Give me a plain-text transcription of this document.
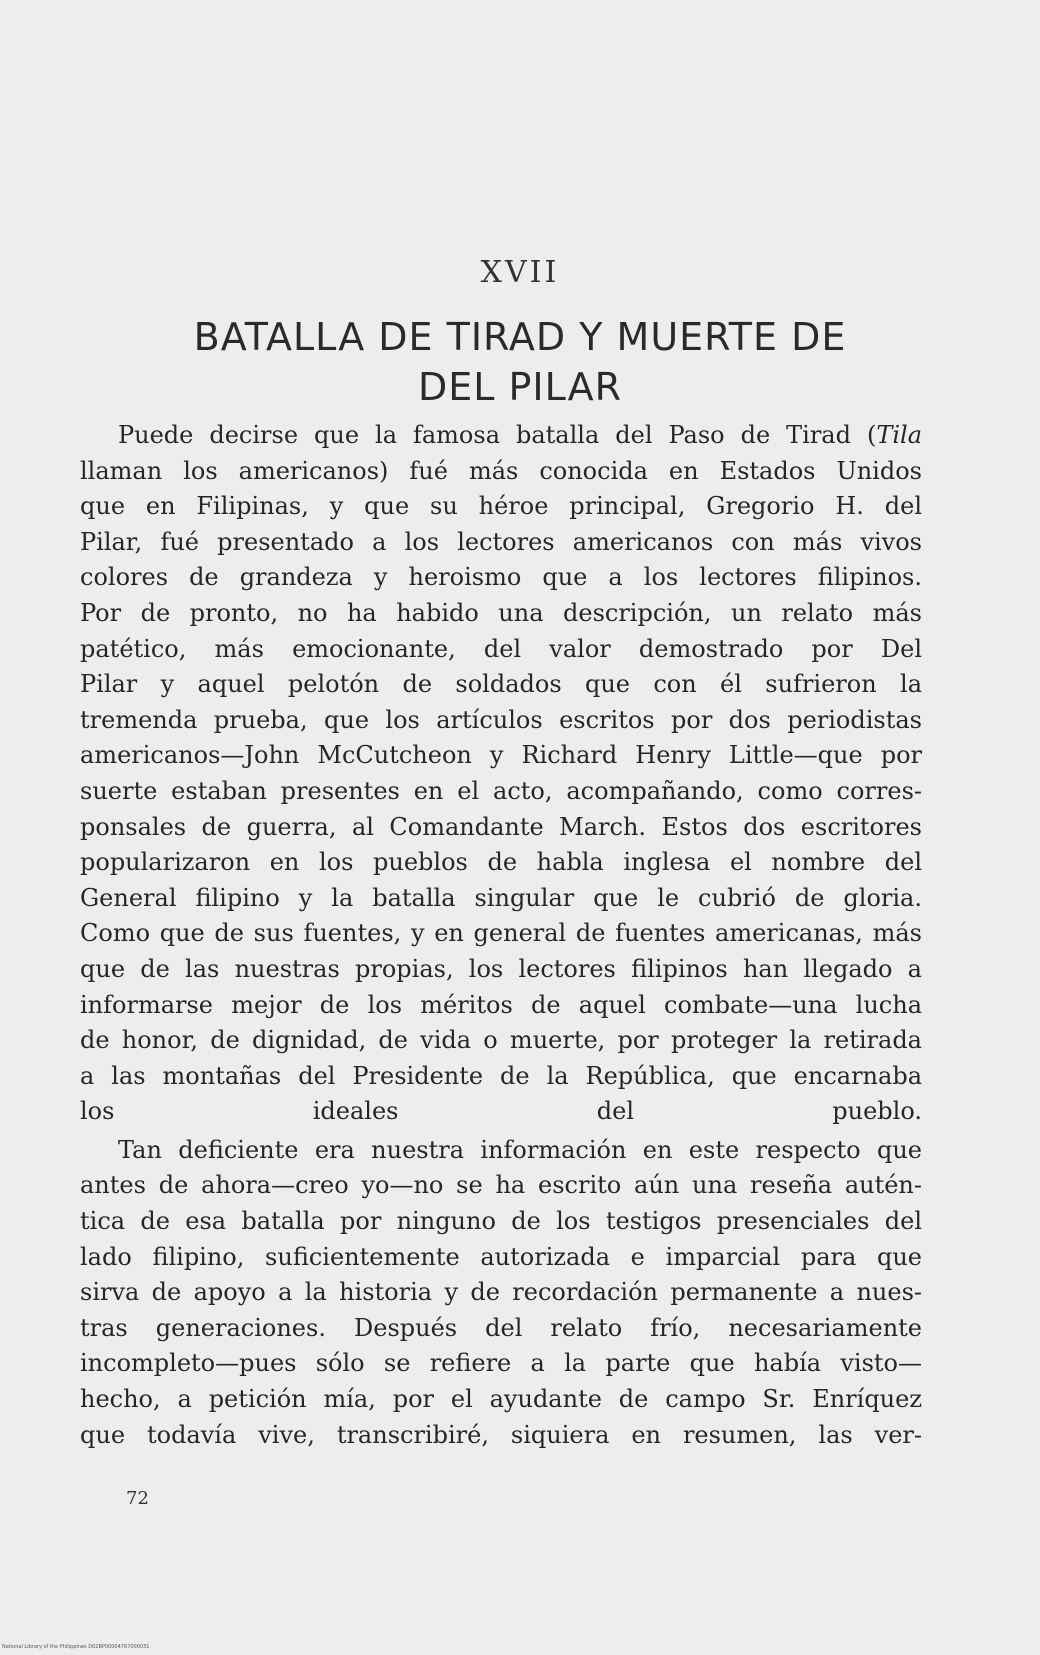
XVII
BATALLA DE TIRAD Y MUERTE DE
DEL PILAR
Puede decirse que la famosa batalla del Paso de Tirad (Tila
llaman los americanos) fué más conocida en Estados Unidos
que en Filipinas, y que su héroe principal, Gregorio H. del
Pilar, fué presentado a los lectores americanos con más vivos
colores de grandeza y heroismo que a los lectores filipinos.
Por de pronto, no ha habido una descripción, un relato más
patético, más emocionante, del valor demostrado por Del
Pilar y aquel pelotón de soldados que con él sufrieron la
tremenda prueba, que los artículos escritos por dos periodistas
americanos—John McCutcheon y Richard Henry Little—que por
suerte estaban presentes en el acto, acompañando, como corres-
ponsales de guerra, al Comandante March. Estos dos escritores
popularizaron en los pueblos de habla inglesa el nombre del
General filipino y la batalla singular que le cubrió de gloria.
Como que de sus fuentes, y en general de fuentes americanas, más
que de las nuestras propias, los lectores filipinos han llegado a
informarse mejor de los méritos de aquel combate—una lucha
de honor, de dignidad, de vida o muerte, por proteger la retirada
a las montañas del Presidente de la República, que encarnaba
los ideales del pueblo.
Tan deficiente era nuestra información en este respecto que
antes de ahora—creo yo—no se ha escrito aún una reseña autén-
tica de esa batalla por ninguno de los testigos presenciales del
lado filipino, suficientemente autorizada e imparcial para que
sirva de apoyo a la historia y de recordación permanente a nues-
tras generaciones. Después del relato frío, necesariamente
incompleto—pues sólo se refiere a la parte que había visto—
hecho, a petición mía, por el ayudante de campo Sr. Enríquez
que todavía vive, transcribiré, siquiera en resumen, las ver-
72
National Library of the Philippines D02BP00004767000031
